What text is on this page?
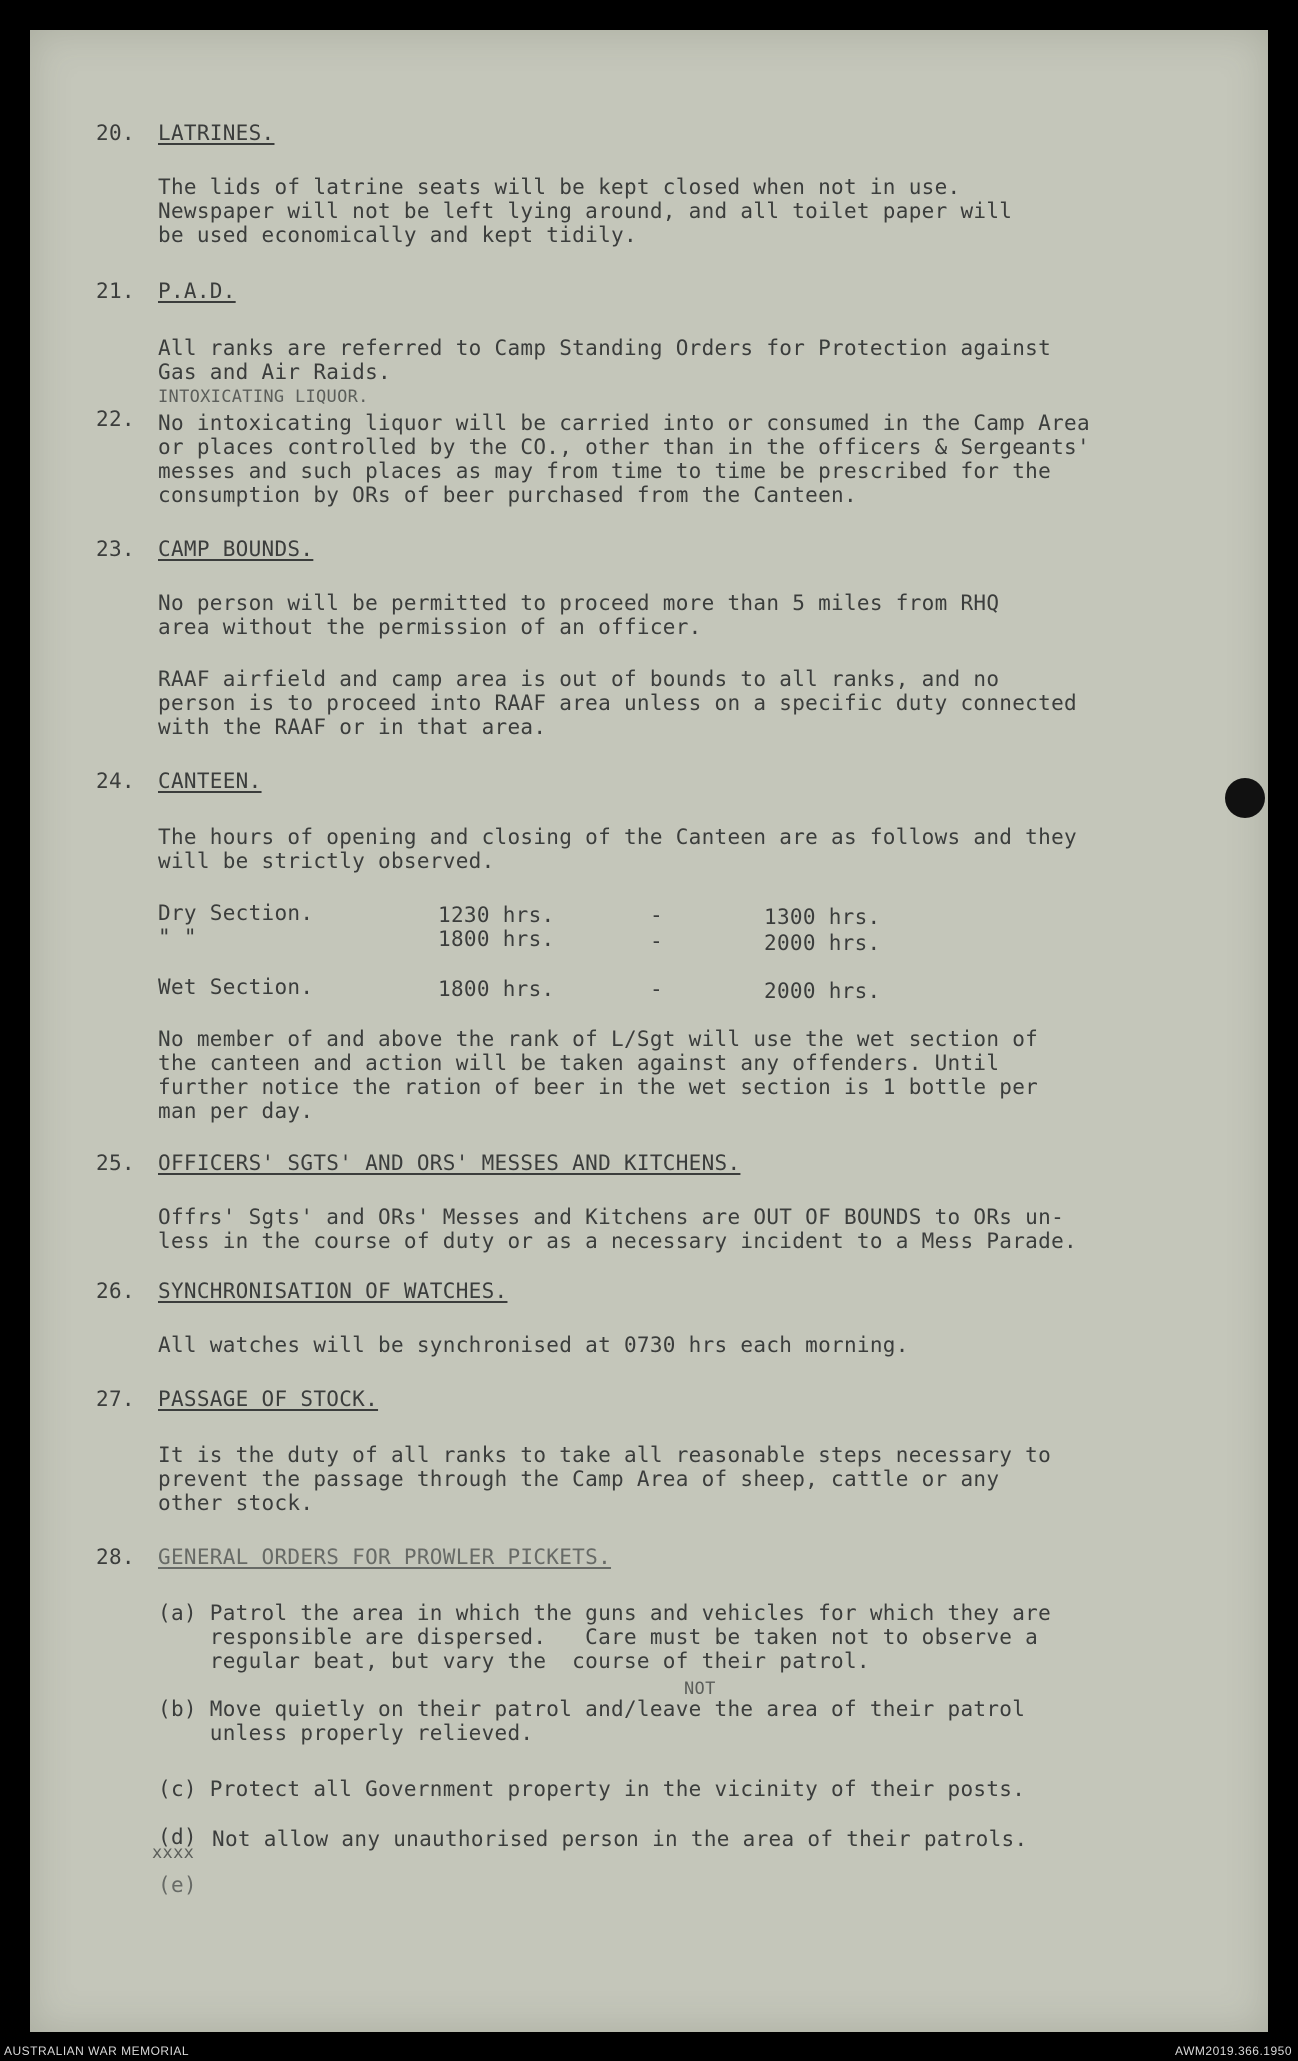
20. LATRINES.
The lids of latrine seats will be kept closed when not in use.
Newspaper will not be left lying around, and all toilet paper will
be used economically and kept tidily.
21. P.A.D.
All ranks are referred to Camp Standing Orders for Protection against
Gas and Air Raids.
INTOXICATING LIQUOR.
22. No intoxicating liquor will be carried into or consumed in the Camp Area
or places controlled by the CO., other than in the officers & Sergeants'
messes and such places as may from time to time be prescribed for the
consumption by ORs of beer purchased from the Canteen.
23. CAMP BOUNDS.
No person will be permitted to proceed more than 5 miles from RHQ
area without the permission of an officer.
RAAF airfield and camp area is out of bounds to all ranks, and no
person is to proceed into RAAF area unless on a specific duty connected
with the RAAF or in that area.
24. CANTEEN.
The hours of opening and closing of the Canteen are as follows and they
will be strictly observed.
Dry Section.	1230 hrs.	-	1300 hrs.
" "	1800 hrs.	-	2000 hrs.
Wet Section.	1800 hrs.	-	2000 hrs.
No member of and above the rank of L/Sgt will use the wet section of
the canteen and action will be taken against any offenders. Until
further notice the ration of beer in the wet section is 1 bottle per
man per day.
25. OFFICERS' SGTS' AND ORS' MESSES AND KITCHENS.
Offrs' Sgts' and ORs' Messes and Kitchens are OUT OF BOUNDS to ORs un-
less in the course of duty or as a necessary incident to a Mess Parade.
26. SYNCHRONISATION OF WATCHES.
All watches will be synchronised at 0730 hrs each morning.
27. PASSAGE OF STOCK.
It is the duty of all ranks to take all reasonable steps necessary to
prevent the passage through the Camp Area of sheep, cattle or any
other stock.
28. GENERAL ORDERS FOR PROWLER PICKETS.
(a) Patrol the area in which the guns and vehicles for which they are
responsible are dispersed.   Care must be taken not to observe a
regular beat, but vary the  course of their patrol.
NOT
(b) Move quietly on their patrol and/leave the area of their patrol
unless properly relieved.
(c) Protect all Government property in the vicinity of their posts.
(d)
xxxx
Not allow any unauthorised person in the area of their patrols.
(e)
AUSTRALIAN WAR MEMORIAL	AWM2019.366.1950
